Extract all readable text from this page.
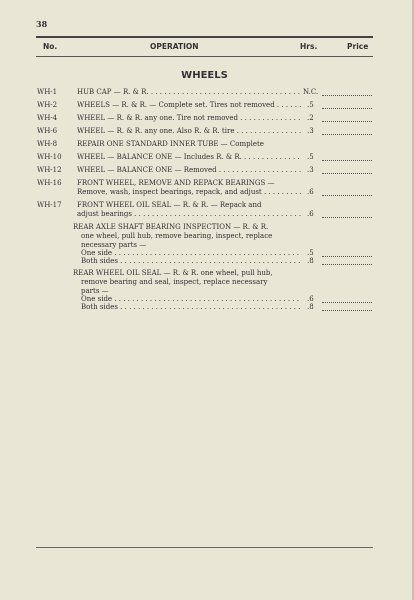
38
No.	OPERATION	Hrs.	Price
WHEELS
WH-1	HUB CAP — R. & R. . . .	N.C.
WH-2	WHEELS — R. & R. — Complete set. Tires not removed . . .	.5
WH-4	WHEEL — R. & R. any one. Tire not removed . . .	.2
WH-6	WHEEL — R. & R. any one. Also R. & R. tire . . .	.3
WH-8	REPAIR ONE STANDARD INNER TUBE — Complete
WH-10 WHEEL — BALANCE ONE — Includes R. & R. . . .	.5
WH-12 WHEEL — BALANCE ONE — Removed . . .	.3
WH-16 FRONT WHEEL, REMOVE AND REPACK BEARINGS —
Remove, wash, inspect bearings, repack, and adjust . . .	.6
WH-17 FRONT WHEEL OIL SEAL — R. & R. — Repack and
adjust bearings . . .	.6
REAR AXLE SHAFT BEARING INSPECTION — R. & R.
one wheel, pull hub, remove bearing, inspect, replace
necessary parts —
One side . . .	.5
Both sides . . .	.8
REAR WHEEL OIL SEAL — R. & R. one wheel, pull hub,
remove bearing and seal, inspect, replace necessary
parts —
One side . . .	.6
Both sides . . .	.8
